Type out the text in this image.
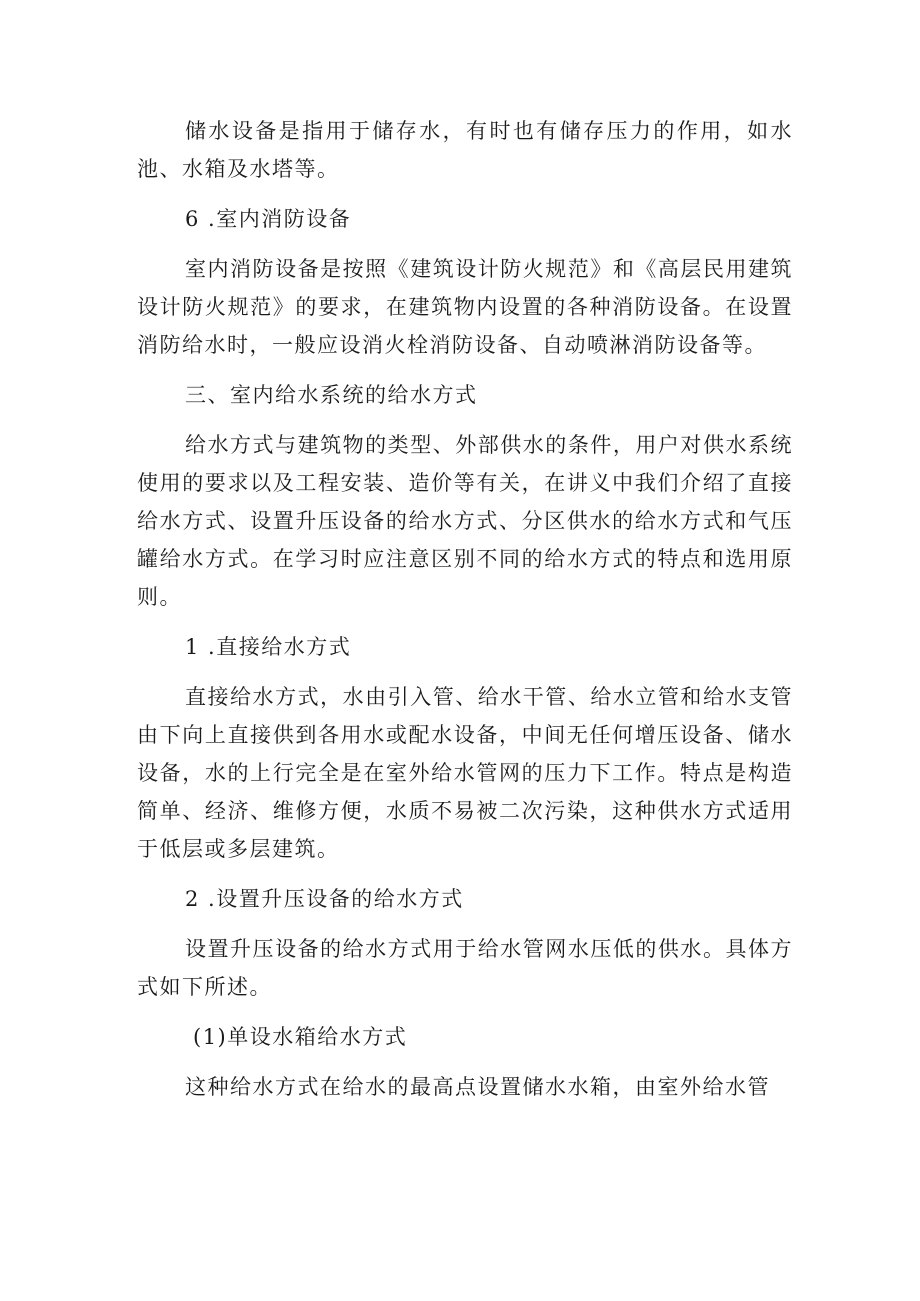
储水设备是指用于储存水，有时也有储存压力的作用，如水池、水箱及水塔等。

6 .室内消防设备

室内消防设备是按照《建筑设计防火规范》和《高层民用建筑设计防火规范》的要求，在建筑物内设置的各种消防设备。在设置消防给水时，一般应设消火栓消防设备、自动喷淋消防设备等。

三、室内给水系统的给水方式

给水方式与建筑物的类型、外部供水的条件，用户对供水系统使用的要求以及工程安装、造价等有关，在讲义中我们介绍了直接给水方式、设置升压设备的给水方式、分区供水的给水方式和气压罐给水方式。在学习时应注意区别不同的给水方式的特点和选用原则。

1 .直接给水方式

直接给水方式，水由引入管、给水干管、给水立管和给水支管由下向上直接供到各用水或配水设备，中间无任何增压设备、储水设备，水的上行完全是在室外给水管网的压力下工作。特点是构造简单、经济、维修方便，水质不易被二次污染，这种供水方式适用于低层或多层建筑。

2 .设置升压设备的给水方式

设置升压设备的给水方式用于给水管网水压低的供水。具体方式如下所述。

(1)单设水箱给水方式

这种给水方式在给水的最高点设置储水水箱，由室外给水管
